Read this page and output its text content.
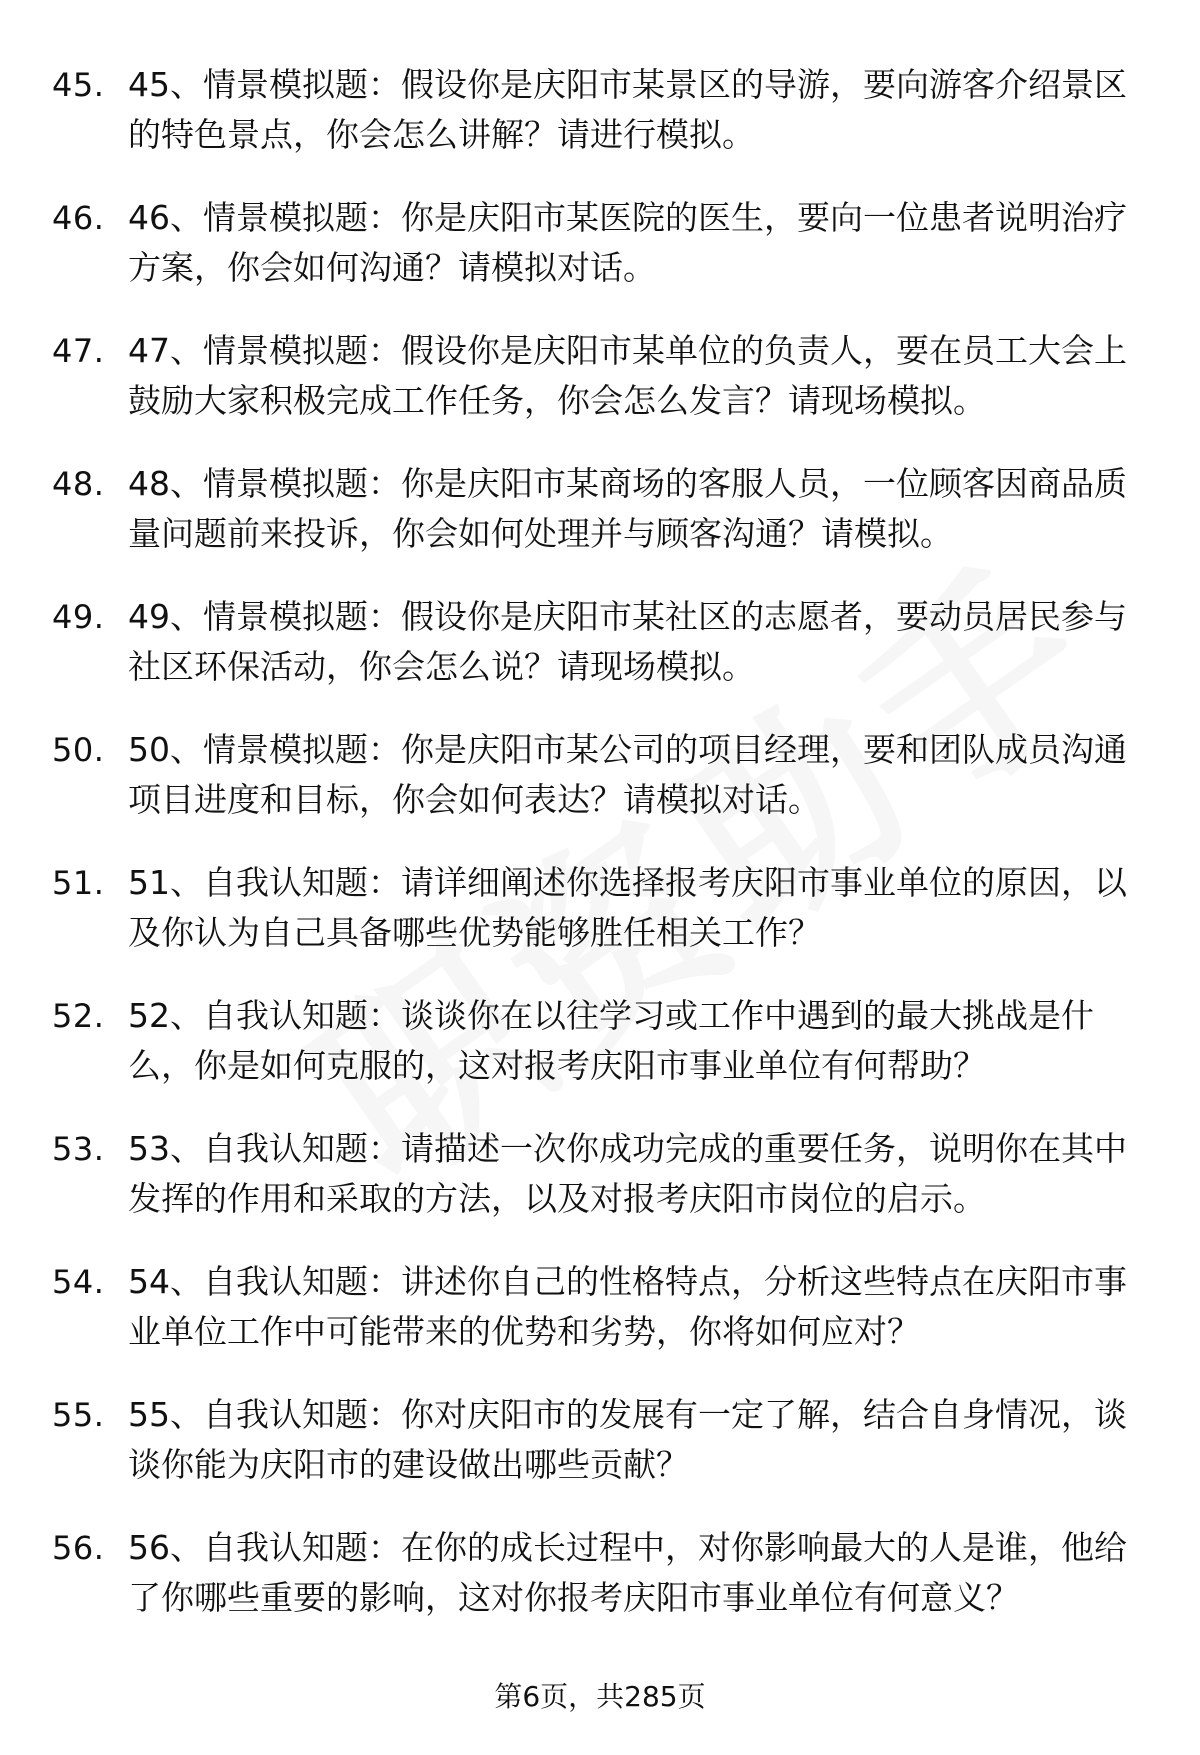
45. 45、情景模拟题：假设你是庆阳市某景区的导游，要向游客介绍景区的特色景点，你会怎么讲解？请进行模拟。
46. 46、情景模拟题：你是庆阳市某医院的医生，要向一位患者说明治疗方案，你会如何沟通？请模拟对话。
47. 47、情景模拟题：假设你是庆阳市某单位的负责人，要在员工大会上鼓励大家积极完成工作任务，你会怎么发言？请现场模拟。
48. 48、情景模拟题：你是庆阳市某商场的客服人员，一位顾客因商品质量问题前来投诉，你会如何处理并与顾客沟通？请模拟。
49. 49、情景模拟题：假设你是庆阳市某社区的志愿者，要动员居民参与社区环保活动，你会怎么说？请现场模拟。
50. 50、情景模拟题：你是庆阳市某公司的项目经理，要和团队成员沟通项目进度和目标，你会如何表达？请模拟对话。
51. 51、自我认知题：请详细阐述你选择报考庆阳市事业单位的原因，以及你认为自己具备哪些优势能够胜任相关工作？
52. 52、自我认知题：谈谈你在以往学习或工作中遇到的最大挑战是什么，你是如何克服的，这对报考庆阳市事业单位有何帮助？
53. 53、自我认知题：请描述一次你成功完成的重要任务，说明你在其中发挥的作用和采取的方法，以及对报考庆阳市岗位的启示。
54. 54、自我认知题：讲述你自己的性格特点，分析这些特点在庆阳市事业单位工作中可能带来的优势和劣势，你将如何应对？
55. 55、自我认知题：你对庆阳市的发展有一定了解，结合自身情况，谈谈你能为庆阳市的建设做出哪些贡献？
56. 56、自我认知题：在你的成长过程中，对你影响最大的人是谁，他给了你哪些重要的影响，这对你报考庆阳市事业单位有何意义？
第6页，共285页
